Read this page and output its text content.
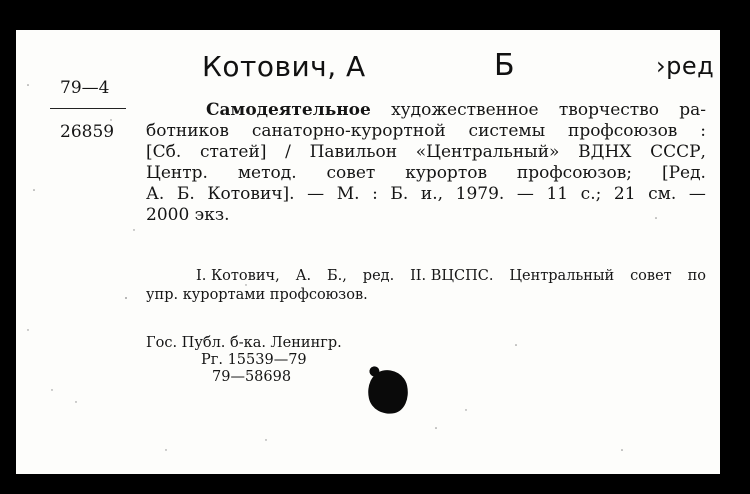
Котович, А	Б	›ред
79—4
26859
Самодеятельное художественное творчество ра-
ботников санаторно-курортной системы профсоюзов :
[Сб. статей] / Павильон «Центральный» ВДНХ СССР,
Центр. метод. совет курортов профсоюзов; [Ред.
А. Б. Котович]. — М. : Б. и., 1979. — 11 с.; 21 см. —
2000 экз.
I. Котович, А. Б., ред. II. ВЦСПС. Центральный совет по
упр. курортами профсоюзов.
Гос. Публ. б-ка. Ленингр.
Рг. 15539—79
79—58698
